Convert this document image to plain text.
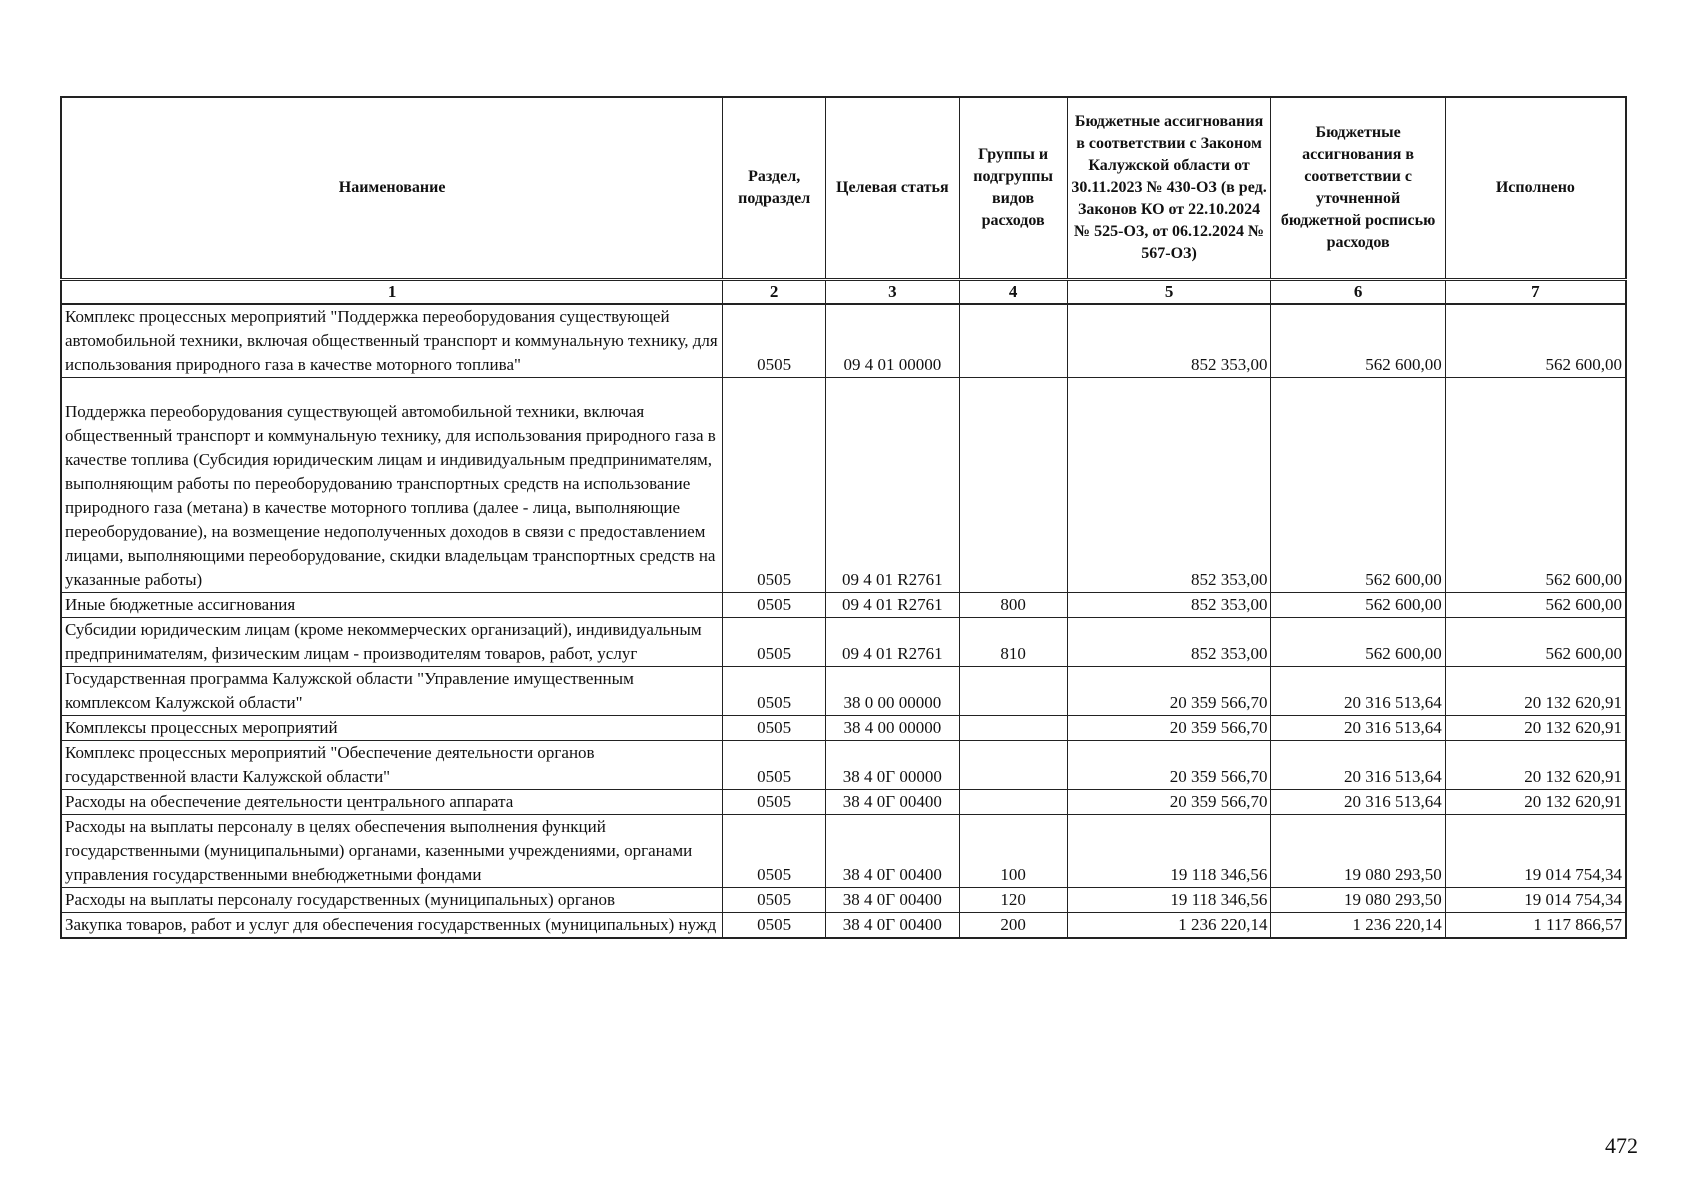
Наименование	Раздел, подраздел	Целевая статья	Группы и подгруппы видов расходов	Бюджетные ассигнования в соответствии с Законом Калужской области от 30.11.2023 № 430-ОЗ (в ред. Законов КО от 22.10.2024 № 525-ОЗ, от 06.12.2024 № 567-ОЗ)	Бюджетные ассигнования в соответствии с уточненной бюджетной росписью расходов	Исполнено
1	2	3	4	5	6	7
Комплекс процессных мероприятий "Поддержка переоборудования существующей автомобильной техники, включая общественный транспорт и коммунальную технику, для использования природного газа в качестве моторного топлива"	0505	09 4 01 00000		852 353,00	562 600,00	562 600,00
Поддержка переоборудования существующей автомобильной техники, включая общественный транспорт и коммунальную технику, для использования природного газа в качестве топлива (Субсидия юридическим лицам и индивидуальным предпринимателям, выполняющим работы по переоборудованию транспортных средств на использование природного газа (метана) в качестве моторного топлива (далее - лица, выполняющие переоборудование), на возмещение недополученных доходов в связи с предоставлением лицами, выполняющими переоборудование, скидки владельцам транспортных средств на указанные работы)	0505	09 4 01 R2761		852 353,00	562 600,00	562 600,00
Иные бюджетные ассигнования	0505	09 4 01 R2761	800	852 353,00	562 600,00	562 600,00
Субсидии юридическим лицам (кроме некоммерческих организаций), индивидуальным предпринимателям, физическим лицам - производителям товаров, работ, услуг	0505	09 4 01 R2761	810	852 353,00	562 600,00	562 600,00
Государственная программа Калужской области "Управление имущественным комплексом Калужской области"	0505	38 0 00 00000		20 359 566,70	20 316 513,64	20 132 620,91
Комплексы процессных мероприятий	0505	38 4 00 00000		20 359 566,70	20 316 513,64	20 132 620,91
Комплекс процессных мероприятий "Обеспечение деятельности органов государственной власти Калужской области"	0505	38 4 0Г 00000		20 359 566,70	20 316 513,64	20 132 620,91
Расходы на обеспечение деятельности центрального аппарата	0505	38 4 0Г 00400		20 359 566,70	20 316 513,64	20 132 620,91
Расходы на выплаты персоналу в целях обеспечения выполнения функций государственными (муниципальными) органами, казенными учреждениями, органами управления государственными внебюджетными фондами	0505	38 4 0Г 00400	100	19 118 346,56	19 080 293,50	19 014 754,34
Расходы на выплаты персоналу государственных (муниципальных) органов	0505	38 4 0Г 00400	120	19 118 346,56	19 080 293,50	19 014 754,34
Закупка товаров, работ и услуг для обеспечения государственных (муниципальных) нужд	0505	38 4 0Г 00400	200	1 236 220,14	1 236 220,14	1 117 866,57
472
